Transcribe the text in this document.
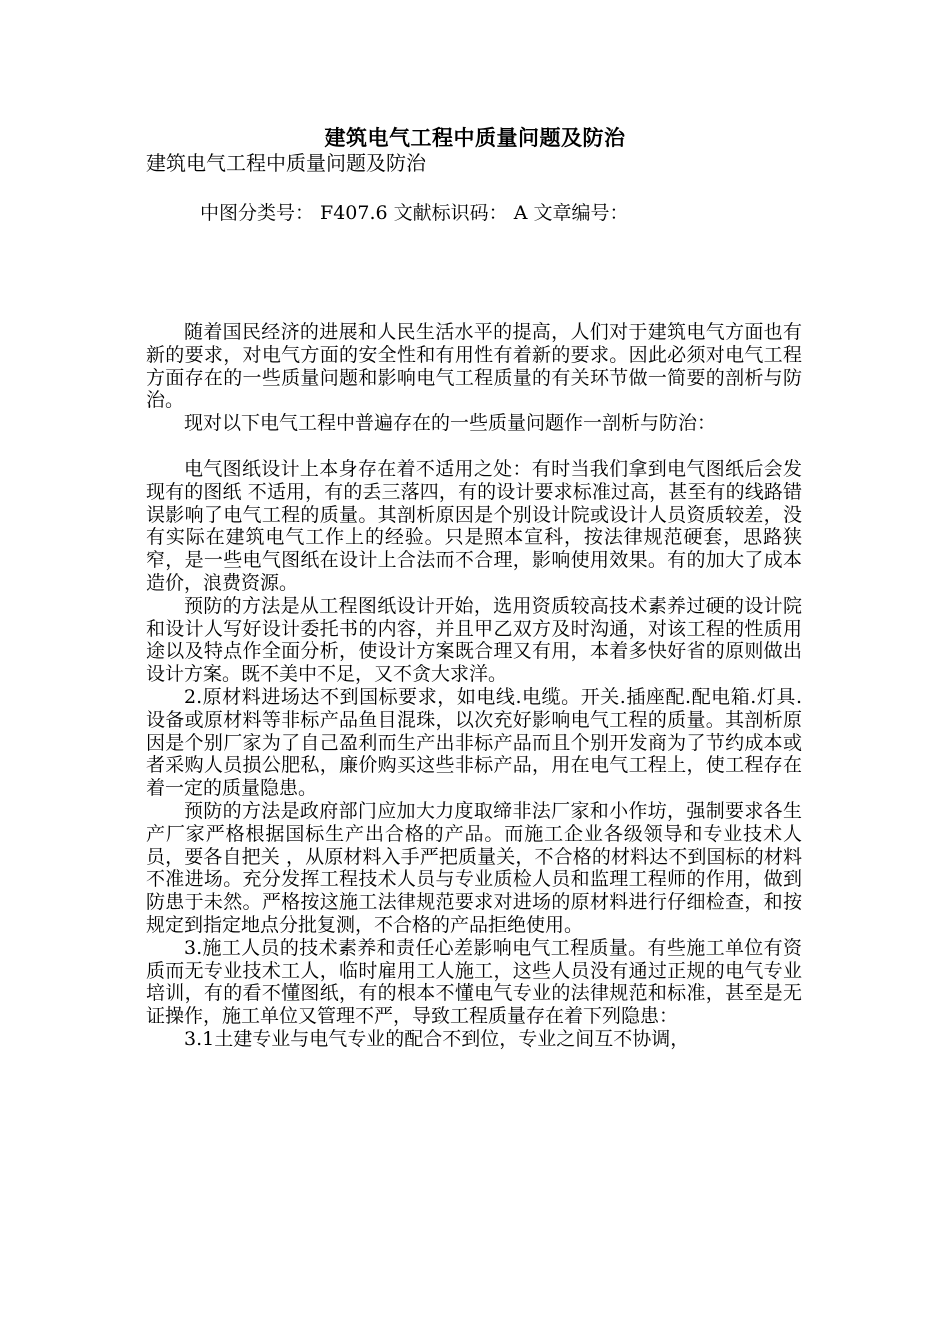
建筑电气工程中质量问题及防治
建筑电气工程中质量问题及防治
中图分类号： F407.6 文献标识码： A 文章编号：

随着国民经济的进展和人民生活水平的提高，人们对于建筑电气方面也有新的要求，对电气方面的安全性和有用性有着新的要求。因此必须对电气工程方面存在的一些质量问题和影响电气工程质量的有关环节做一简要的剖析与防治。

现对以下电气工程中普遍存在的一些质量问题作一剖析与防治：

电气图纸设计上本身存在着不适用之处：有时当我们拿到电气图纸后会发现有的图纸 不适用，有的丢三落四，有的设计要求标准过高，甚至有的线路错误影响了电气工程的质量。其剖析原因是个别设计院或设计人员资质较差，没有实际在建筑电气工作上的经验。只是照本宣科，按法律规范硬套，思路狭窄，是一些电气图纸在设计上合法而不合理，影响使用效果。有的加大了成本造价，浪费资源。

预防的方法是从工程图纸设计开始，选用资质较高技术素养过硬的设计院和设计人写好设计委托书的内容，并且甲乙双方及时沟通，对该工程的性质用途以及特点作全面分析，使设计方案既合理又有用，本着多快好省的原则做出设计方案。既不美中不足，又不贪大求洋。

2.原材料进场达不到国标要求，如电线.电缆。开关.插座配.配电箱.灯具.设备或原材料等非标产品鱼目混珠，以次充好影响电气工程的质量。其剖析原因是个别厂家为了自己盈利而生产出非标产品而且个别开发商为了节约成本或者采购人员损公肥私，廉价购买这些非标产品，用在电气工程上，使工程存在着一定的质量隐患。

预防的方法是政府部门应加大力度取缔非法厂家和小作坊，强制要求各生产厂家严格根据国标生产出合格的产品。而施工企业各级领导和专业技术人员，要各自把关 ，从原材料入手严把质量关，不合格的材料达不到国标的材料不准进场。充分发挥工程技术人员与专业质检人员和监理工程师的作用，做到防患于未然。严格按这施工法律规范要求对进场的原材料进行仔细检查，和按规定到指定地点分批复测，不合格的产品拒绝使用。

3.施工人员的技术素养和责任心差影响电气工程质量。有些施工单位有资质而无专业技术工人，临时雇用工人施工，这些人员没有通过正规的电气专业培训，有的看不懂图纸，有的根本不懂电气专业的法律规范和标准，甚至是无证操作，施工单位又管理不严，导致工程质量存在着下列隐患：

3.1土建专业与电气专业的配合不到位，专业之间互不协调，
